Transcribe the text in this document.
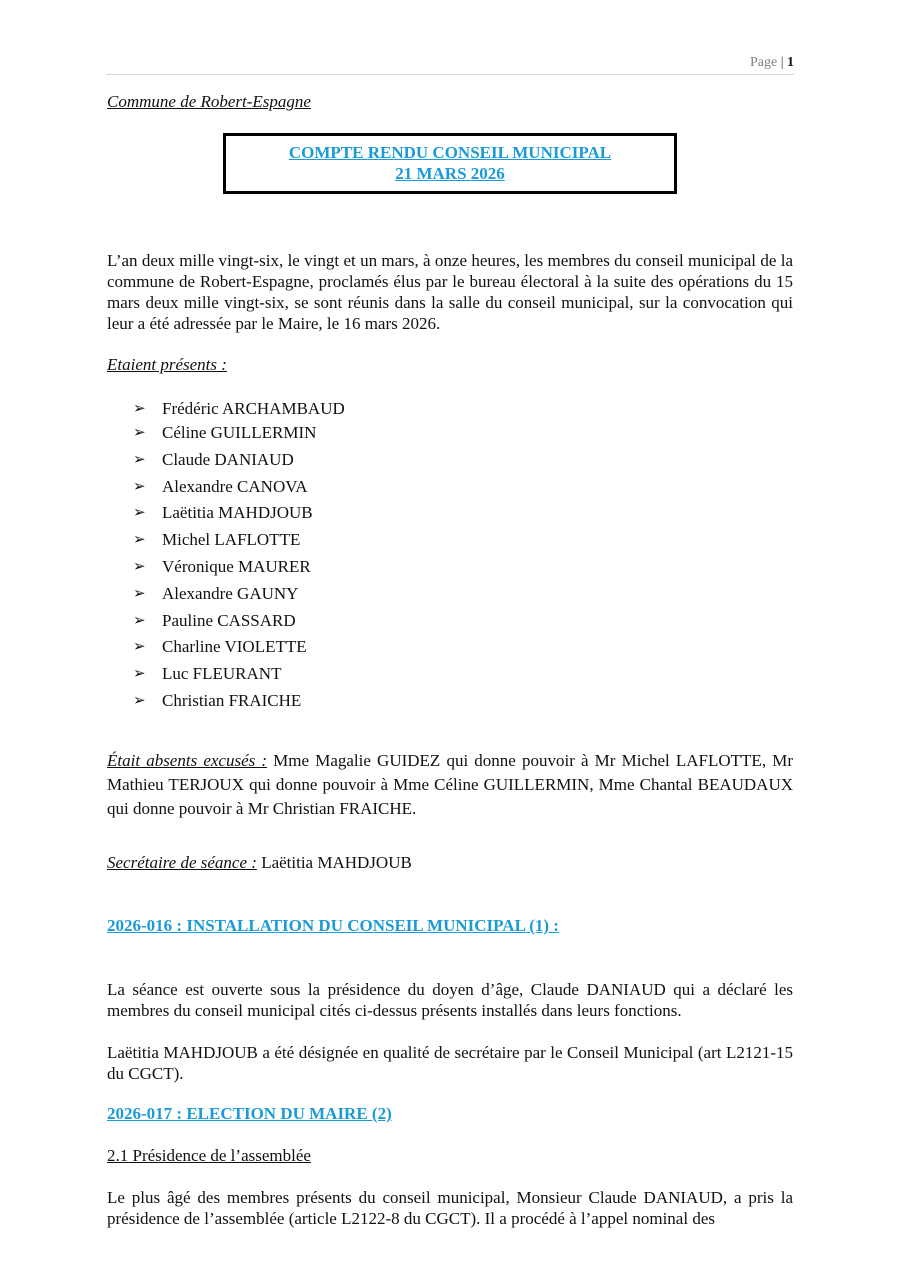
Page | 1
Commune de Robert-Espagne
COMPTE RENDU CONSEIL MUNICIPAL
21 MARS 2026
L’an deux mille vingt-six, le vingt et un mars, à onze heures, les membres du conseil municipal de la commune de Robert-Espagne, proclamés élus par le bureau électoral à la suite des opérations du 15 mars deux mille vingt-six, se sont réunis dans la salle du conseil municipal, sur la convocation qui leur a été adressée par le Maire, le 16 mars 2026.
Etaient présents :
➢ Frédéric ARCHAMBAUD
➢ Céline GUILLERMIN
➢ Claude DANIAUD
➢ Alexandre CANOVA
➢ Laëtitia MAHDJOUB
➢ Michel LAFLOTTE
➢ Véronique MAURER
➢ Alexandre GAUNY
➢ Pauline CASSARD
➢ Charline VIOLETTE
➢ Luc FLEURANT
➢ Christian FRAICHE
Était absents excusés : Mme Magalie GUIDEZ qui donne pouvoir à Mr Michel LAFLOTTE, Mr Mathieu TERJOUX qui donne pouvoir à Mme Céline GUILLERMIN, Mme Chantal BEAUDAUX qui donne pouvoir à Mr Christian FRAICHE.
Secrétaire de séance : Laëtitia MAHDJOUB
2026-016 : INSTALLATION DU CONSEIL MUNICIPAL (1) :
La séance est ouverte sous la présidence du doyen d’âge, Claude DANIAUD qui a déclaré les membres du conseil municipal cités ci-dessus présents installés dans leurs fonctions.
Laëtitia MAHDJOUB a été désignée en qualité de secrétaire par le Conseil Municipal (art L2121-15 du CGCT).
2026-017 : ELECTION DU MAIRE (2)
2.1 Présidence de l’assemblée
Le plus âgé des membres présents du conseil municipal, Monsieur Claude DANIAUD, a pris la présidence de l’assemblée (article L2122-8 du CGCT). Il a procédé à l’appel nominal des
